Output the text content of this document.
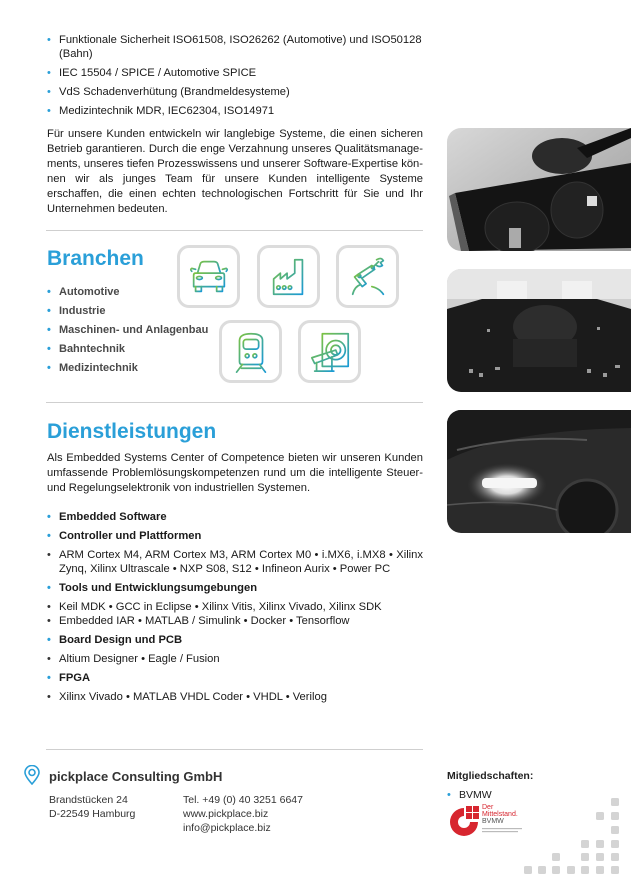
• Funktionale Sicherheit ISO61508, ISO26262 (Automotive) und ISO50128 (Bahn)
• IEC 15504 / SPICE / Automotive SPICE
• VdS Schadenverhütung (Brandmeldesysteme)
• Medizintechnik MDR, IEC62304, ISO14971

Für unsere Kunden entwickeln wir langlebige Systeme, die einen sicheren Betrieb garantieren. Durch die enge Verzahnung unseres Qualitätsmanage-ments, unseres tiefen Prozesswissens und unserer Software-Expertise kön-nen wir als junges Team für unsere Kunden intelligente Systeme erschaffen, die einen echten technologischen Fortschritt für Sie und Ihr Unternehmen bedeuten.

Branchen
• Automotive
• Industrie
• Maschinen- und Anlagenbau
• Bahntechnik
• Medizintechnik
Dienstleistungen

Als Embedded Systems Center of Competence bieten wir unseren Kunden umfassende Problemlösungskompetenzen rund um die intelligente Steuer- und Regelungselektronik von industriellen Systemen.

• Embedded Software
• Controller und Plattformen
• ARM Cortex M4, ARM Cortex M3, ARM Cortex M0 • i.MX6, i.MX8 • Xilinx Zynq, Xilinx Ultrascale • NXP S08, S12 • Infineon Aurix • Power PC
• Tools und Entwicklungsumgebungen
• Keil MDK • GCC in Eclipse • Xilinx Vitis, Xilinx Vivado, Xilinx SDK
• Embedded IAR • MATLAB / Simulink • Docker • Tensorflow
• Board Design und PCB
• Altium Designer • Eagle / Fusion
• FPGA
• Xilinx Vivado • MATLAB VHDL Coder • VHDL • Verilog
pickplace Consulting GmbH
Brandstücken 24
D-22549 Hamburg
Tel. +49 (0) 40 3251 6647
www.pickplace.biz
info@pickplace.biz
Mitgliedschaften:
• BVMW
Der
Mittelstand.
BVMW
